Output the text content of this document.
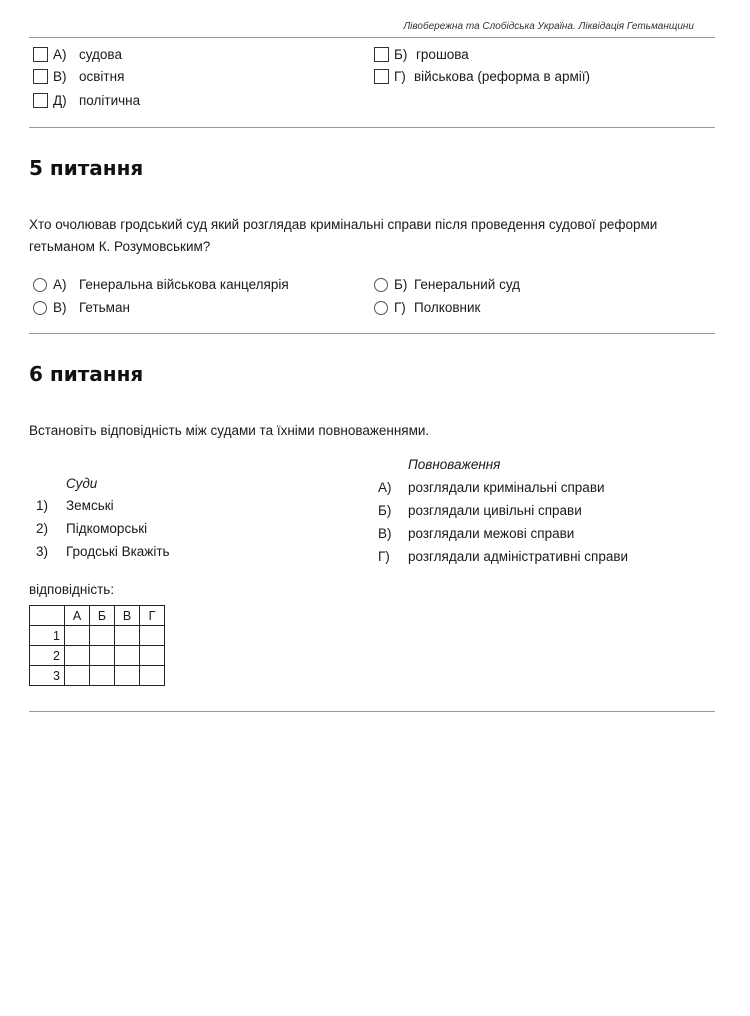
Лівобережна та Слобідська Україна. Ліквідація Гетьманщини
А) судова	Б) грошова
В) освітня	Г) військова (реформа в армії)
Д) політична
5 питання
Хто очолював гродський суд який розглядав кримінальні справи після проведення судової реформи гетьманом К. Розумовським?
А) Генеральна військова канцелярія	Б) Генеральний суд
В) Гетьман	Г) Полковник
6 питання
Встановіть відповідність між судами та їхніми повноваженнями.
Суди
1) Земські
2) Підкоморські
3) Гродські Вкажіть
Повноваження
А) розглядали кримінальні справи
Б) розглядали цивільні справи
В) розглядали межові справи
Г) розглядали адміністративні справи
відповідність:
	А	Б	В	Г
1				
2				
3				
